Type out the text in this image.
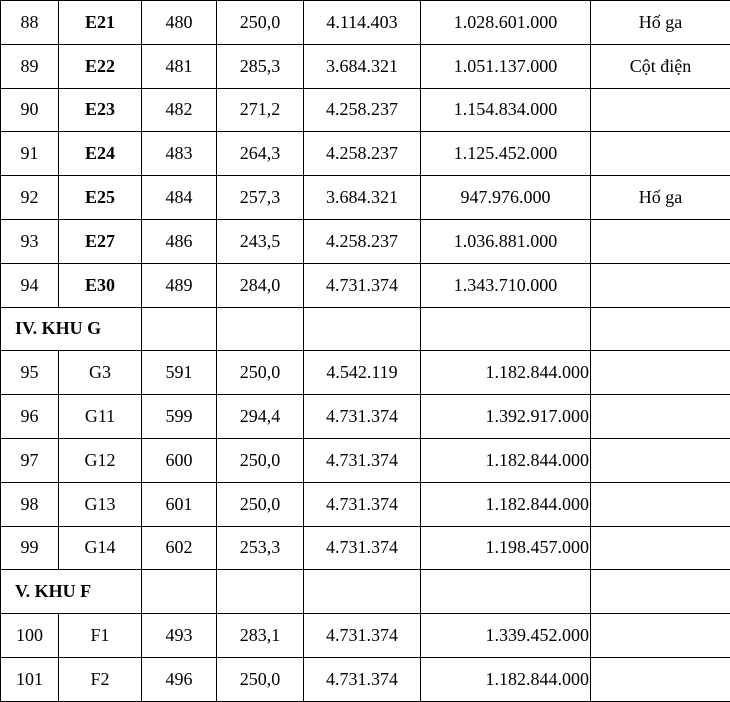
88	E21	480	250,0	4.114.403	1.028.601.000	Hố ga
89	E22	481	285,3	3.684.321	1.051.137.000	Cột điện
90	E23	482	271,2	4.258.237	1.154.834.000	
91	E24	483	264,3	4.258.237	1.125.452.000	
92	E25	484	257,3	3.684.321	947.976.000	Hố ga
93	E27	486	243,5	4.258.237	1.036.881.000	
94	E30	489	284,0	4.731.374	1.343.710.000	
IV. KHU G						
95	G3	591	250,0	4.542.119	1.182.844.000	
96	G11	599	294,4	4.731.374	1.392.917.000	
97	G12	600	250,0	4.731.374	1.182.844.000	
98	G13	601	250,0	4.731.374	1.182.844.000	
99	G14	602	253,3	4.731.374	1.198.457.000	
V. KHU F						
100	F1	493	283,1	4.731.374	1.339.452.000	
101	F2	496	250,0	4.731.374	1.182.844.000	
